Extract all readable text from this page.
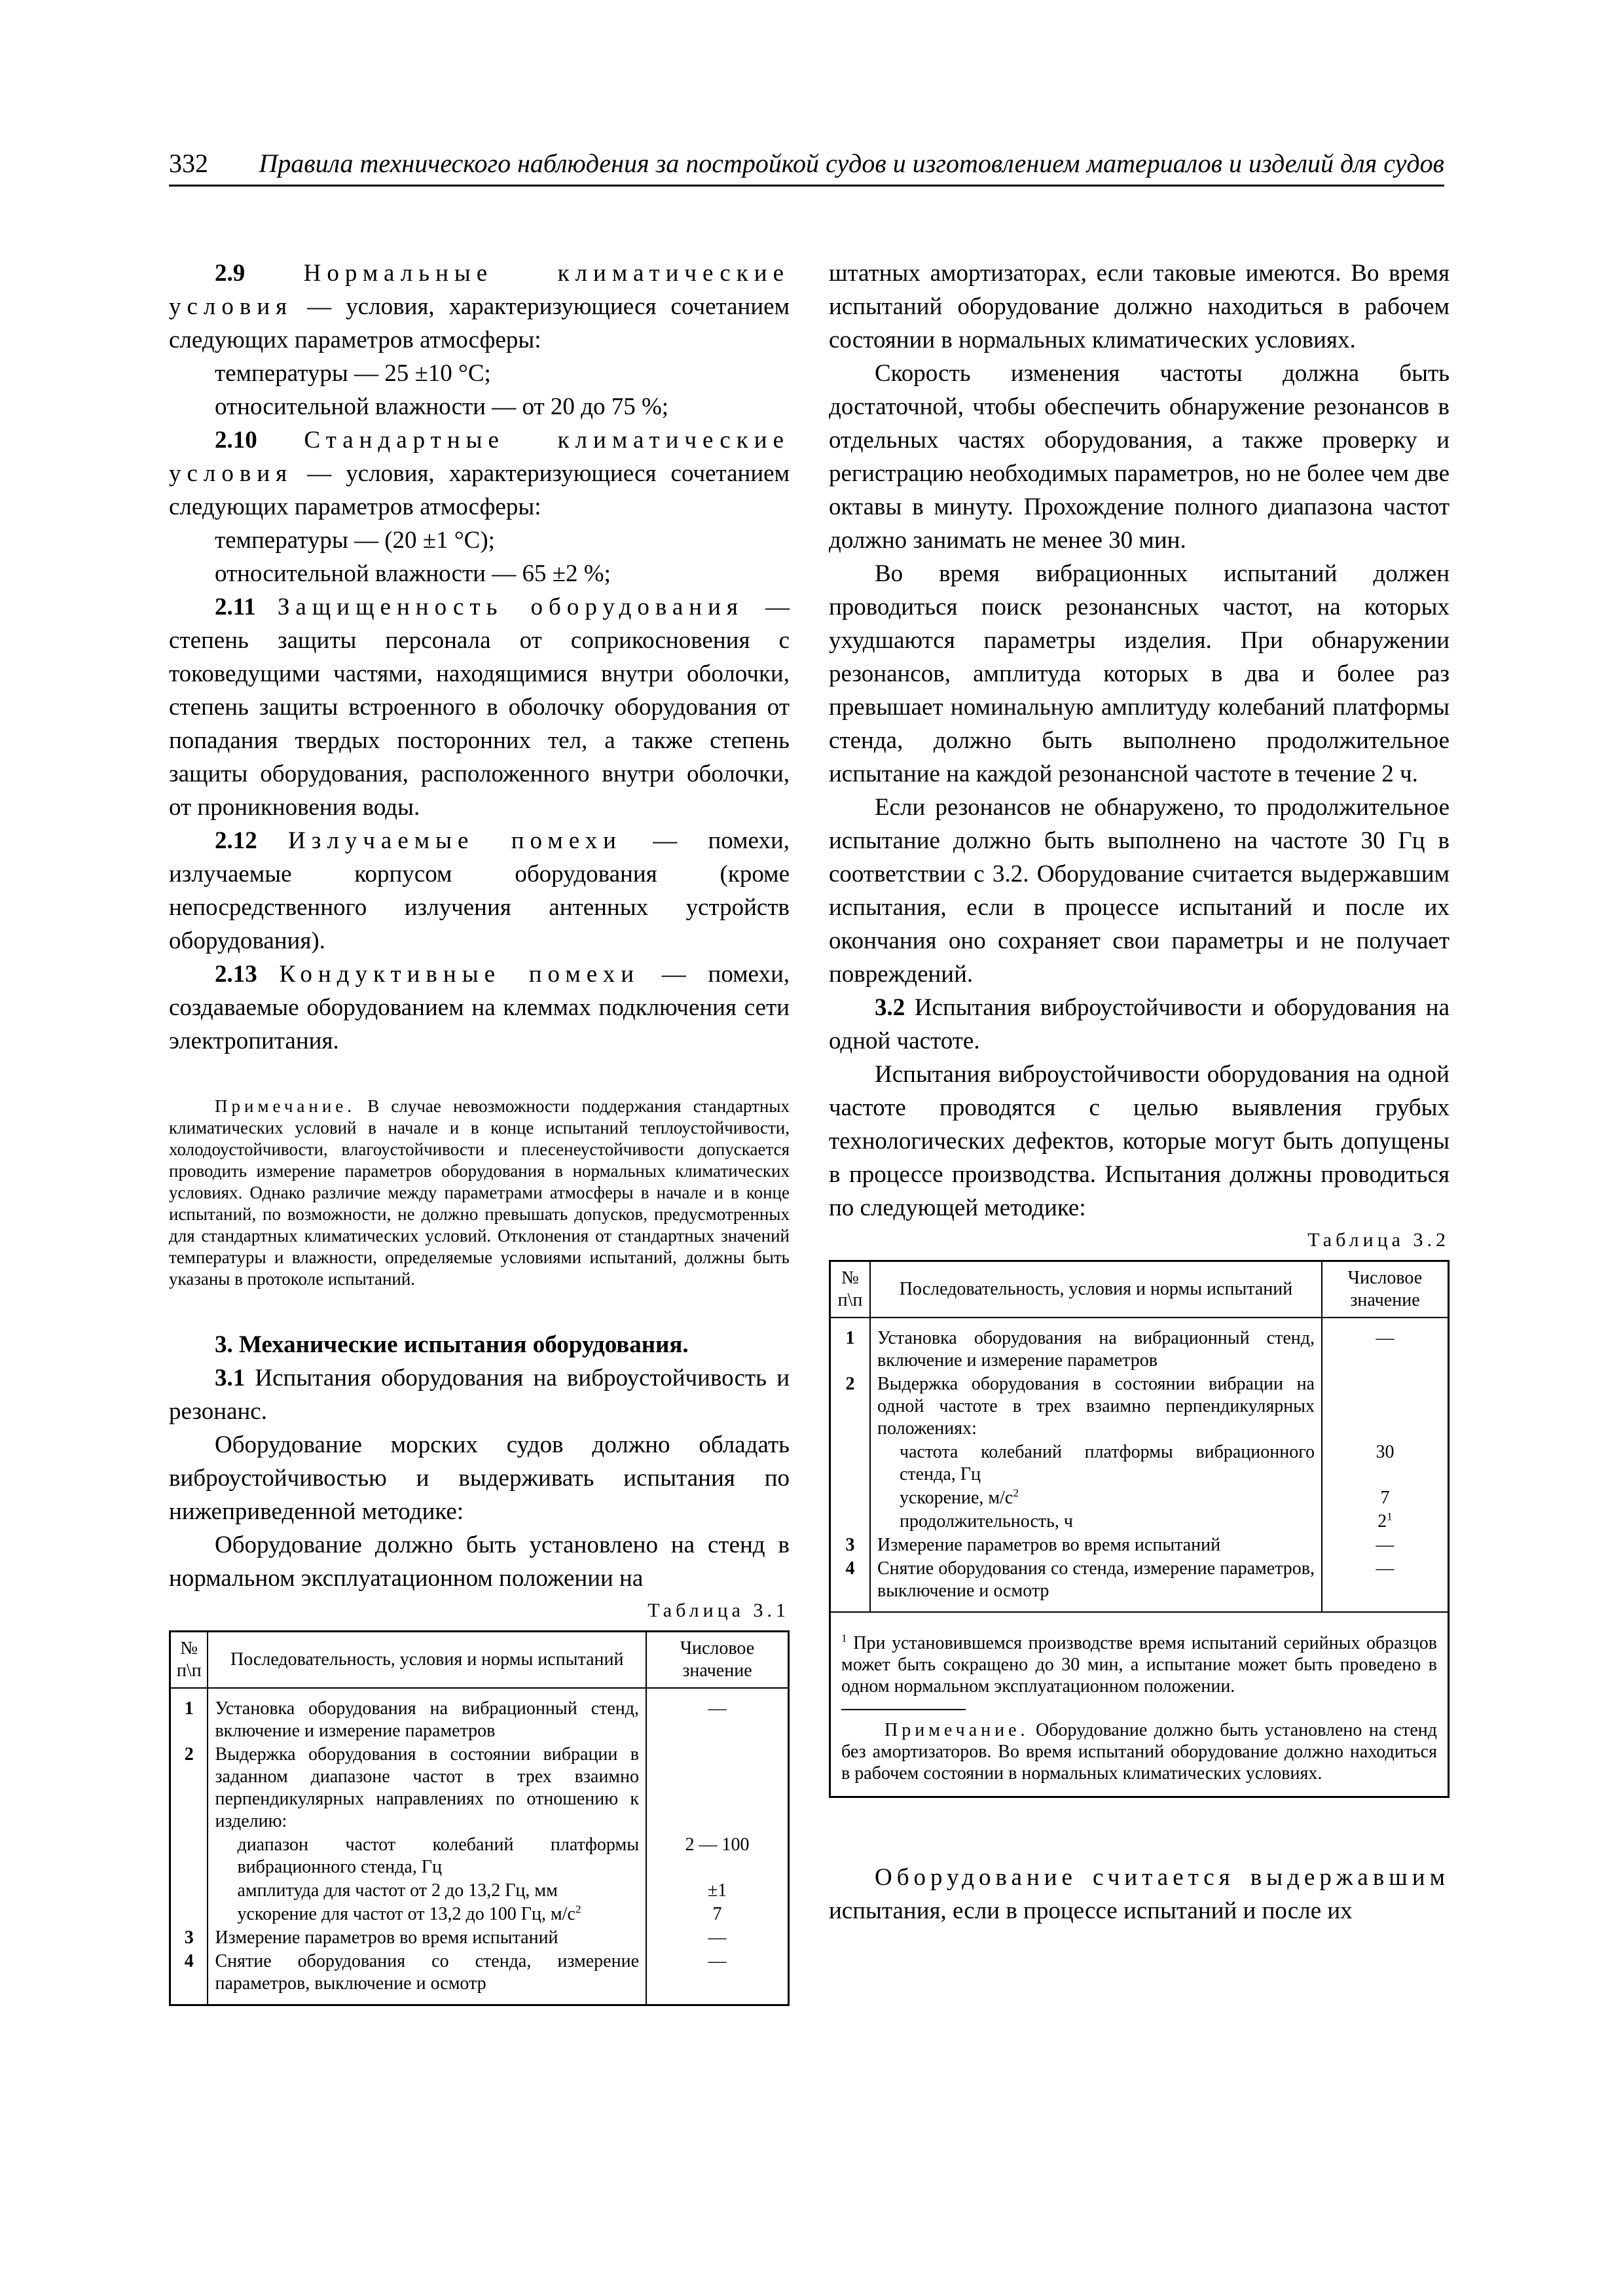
332 Правила технического наблюдения за постройкой судов и изготовлением материалов и изделий для судов

2.9 Нормальные климатические условия — условия, характеризующиеся сочетанием следующих параметров атмосферы:

температуры — 25 ±10 °С;

относительной влажности — от 20 до 75 %;

2.10 Стандартные климатические условия — условия, характеризующиеся сочетанием следующих параметров атмосферы:

температуры — (20 ±1 °С);

относительной влажности — 65 ±2 %;

2.11 Защищенность оборудования — степень защиты персонала от соприкосновения с токоведущими частями, находящимися внутри оболочки, степень защиты встроенного в оболочку оборудования от попадания твердых посторонних тел, а также степень защиты оборудования, расположенного внутри оболочки, от проникновения воды.

2.12 Излучаемые помехи — помехи, излучаемые корпусом оборудования (кроме непосредственного излучения антенных устройств оборудования).

2.13 Кондуктивные помехи — помехи, создаваемые оборудованием на клеммах подключения сети электропитания.

Примечание. В случае невозможности поддержания стандартных климатических условий в начале и в конце испытаний теплоустойчивости, холодоустойчивости, влагоустойчивости и плесенеустойчивости допускается проводить измерение параметров оборудования в нормальных климатических условиях. Однако различие между параметрами атмосферы в начале и в конце испытаний, по возможности, не должно превышать допусков, предусмотренных для стандартных климатических условий. Отклонения от стандартных значений температуры и влажности, определяемые условиями испытаний, должны быть указаны в протоколе испытаний.

3. Механические испытания оборудования.

3.1 Испытания оборудования на виброустойчивость и резонанс.

Оборудование морских судов должно обладать виброустойчивостью и выдерживать испытания по нижеприведенной методике:

Оборудование должно быть установлено на стенд в нормальном эксплуатационном положении на

Таблица 3.1
№ п\п	Последовательность, условия и нормы испытаний	Числовое значение
1	Установка оборудования на вибрационный стенд, включение и измерение параметров	—
2	Выдержка оборудования в состоянии вибрации в заданном диапазоне частот в трех взаимно перпендикулярных направлениях по отношению к изделию:	
	диапазон частот колебаний платформы вибрационного стенда, Гц	2 — 100
	амплитуда для частот от 2 до 13,2 Гц, мм	±1
	ускорение для частот от 13,2 до 100 Гц, $м/с^2$	7
3	Измерение параметров во время испытаний	—
4	Снятие оборудования со стенда, измерение параметров, выключение и осмотр	—

штатных амортизаторах, если таковые имеются. Во время испытаний оборудование должно находиться в рабочем состоянии в нормальных климатических условиях.

Скорость изменения частоты должна быть достаточной, чтобы обеспечить обнаружение резонансов в отдельных частях оборудования, а также проверку и регистрацию необходимых параметров, но не более чем две октавы в минуту. Прохождение полного диапазона частот должно занимать не менее 30 мин.

Во время вибрационных испытаний должен проводиться поиск резонансных частот, на которых ухудшаются параметры изделия. При обнаружении резонансов, амплитуда которых в два и более раз превышает номинальную амплитуду колебаний платформы стенда, должно быть выполнено продолжительное испытание на каждой резонансной частоте в течение 2 ч.

Если резонансов не обнаружено, то продолжительное испытание должно быть выполнено на частоте 30 Гц в соответствии с 3.2. Оборудование считается выдержавшим испытания, если в процессе испытаний и после их окончания оно сохраняет свои параметры и не получает повреждений.

3.2 Испытания виброустойчивости и оборудования на одной частоте.

Испытания виброустойчивости оборудования на одной частоте проводятся с целью выявления грубых технологических дефектов, которые могут быть допущены в процессе производства. Испытания должны проводиться по следующей методике:

Таблица 3.2
№ п\п	Последовательность, условия и нормы испытаний	Числовое значение
1	Установка оборудования на вибрационный стенд, включение и измерение параметров	—
2	Выдержка оборудования в состоянии вибрации на одной частоте в трех взаимно перпендикулярных положениях:	
	частота колебаний платформы вибрационного стенда, Гц	30
	ускорение, $м/с^2$	7
	продолжительность, ч	$2^1$
3	Измерение параметров во время испытаний	—
4	Снятие оборудования со стенда, измерение параметров, выключение и осмотр	—
$^1$ При установившемся производстве время испытаний серийных образцов может быть сокращено до 30 мин, а испытание может быть проведено в одном нормальном эксплуатационном положении.
Примечание. Оборудование должно быть установлено на стенд без амортизаторов. Во время испытаний оборудование должно находиться в рабочем состоянии в нормальных климатических условиях.

Оборудование считается выдержавшим испытания, если в процессе испытаний и после их
